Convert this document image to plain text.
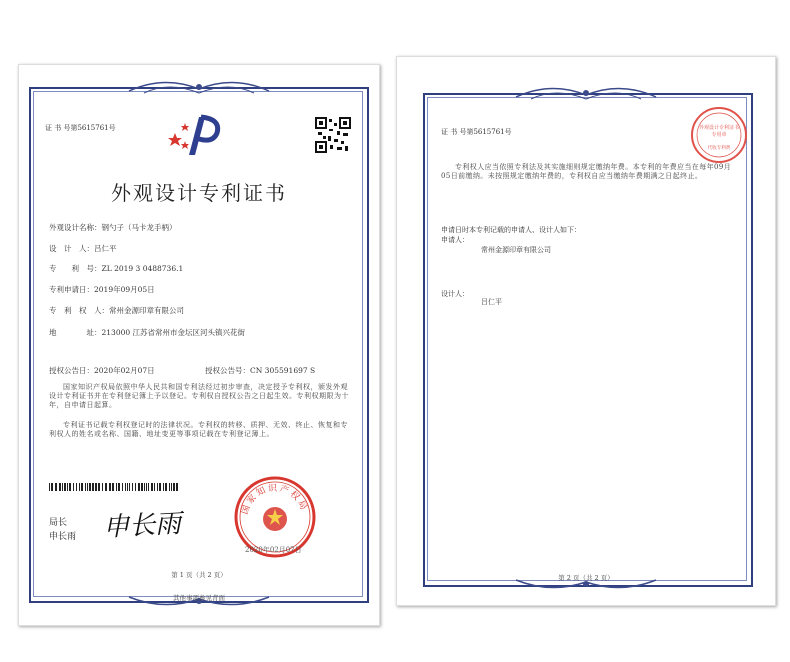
证 书 号第5615761号
外观设计专利证书
外观设计名称：钢勺子（马卡龙手柄）
设　计　人：吕仁平
专　　利　号：ZL 2019 3 0488736.1
专利申请日：2019年09月05日
专　利　权　人：常州金源印章有限公司
地　　　　址：213000 江苏省常州市金坛区河头镇兴花街
授权公告日：2020年02月07日	授权公告号：CN 305591697 S
国家知识产权局依照中华人民共和国专利法经过初步审查，决定授予专利权，颁发外观设计专利证书并在专利登记簿上予以登记。专利权自授权公告之日起生效。专利权期限为十年，自申请日起算。
专利证书记载专利权登记时的法律状况。专利权的转移、质押、无效、终止、恢复和专利权人的姓名或名称、国籍、地址变更等事项记载在专利登记簿上。
局长
申长雨 申长雨	国家知识产权局
2020年02月07日
第 1 页（共 2 页）
其他事项参见背面
证 书 号第5615761号	外观设计专利证书专用章
代收专利费
专利权人应当依照专利法及其实施细则规定缴纳年费。本专利的年费应当在每年09月05日前缴纳。未按照规定缴纳年费的，专利权自应当缴纳年费期满之日起终止。
申请日时本专利记载的申请人、设计人如下：
申请人：
常州金源印章有限公司
设计人：
吕仁平
第 2 页（共 2 页）
